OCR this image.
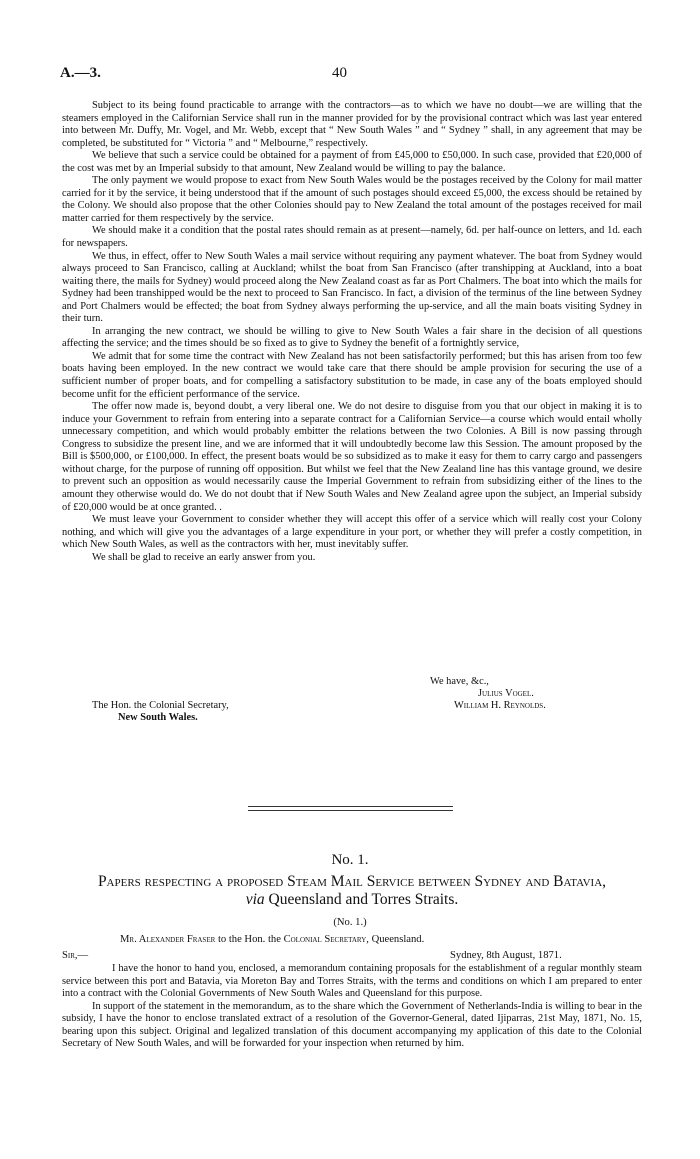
A.—3.	40

Subject to its being found practicable to arrange with the contractors—as to which we have no doubt—we are willing that the steamers employed in the Californian Service shall run in the manner provided for by the provisional contract which was last year entered into between Mr. Duffy, Mr. Vogel, and Mr. Webb, except that “ New South Wales ” and “ Sydney ” shall, in any agreement that may be completed, be substituted for “ Victoria ” and “ Melbourne,” respectively.

We believe that such a service could be obtained for a payment of from £45,000 to £50,000. In such case, provided that £20,000 of the cost was met by an Imperial subsidy to that amount, New Zealand would be willing to pay the balance.

The only payment we would propose to exact from New South Wales would be the postages received by the Colony for mail matter carried for it by the service, it being understood that if the amount of such postages should exceed £5,000, the excess should be retained by the Colony. We should also propose that the other Colonies should pay to New Zealand the total amount of the postages received for mail matter carried for them respectively by the service.

We should make it a condition that the postal rates should remain as at present—namely, 6d. per half-ounce on letters, and 1d. each for newspapers.

We thus, in effect, offer to New South Wales a mail service without requiring any payment whatever. The boat from Sydney would always proceed to San Francisco, calling at Auckland; whilst the boat from San Francisco (after transhipping at Auckland, into a boat waiting there, the mails for Sydney) would proceed along the New Zealand coast as far as Port Chalmers. The boat into which the mails for Sydney had been transhipped would be the next to proceed to San Francisco. In fact, a division of the terminus of the line between Sydney and Port Chalmers would be effected; the boat from Sydney always performing the up-service, and all the main boats visiting Sydney in their turn.

In arranging the new contract, we should be willing to give to New South Wales a fair share in the decision of all questions affecting the service; and the times should be so fixed as to give to Sydney the benefit of a fortnightly service,

We admit that for some time the contract with New Zealand has not been satisfactorily performed; but this has arisen from too few boats having been employed. In the new contract we would take care that there should be ample provision for securing the use of a sufficient number of proper boats, and for compelling a satisfactory substitution to be made, in case any of the boats employed should become unfit for the efficient performance of the service.

The offer now made is, beyond doubt, a very liberal one. We do not desire to disguise from you that our object in making it is to induce your Government to refrain from entering into a separate contract for a Californian Service—a course which would entail wholly unnecessary competition, and which would probably embitter the relations between the two Colonies. A Bill is now passing through Congress to subsidize the present line, and we are informed that it will undoubtedly become law this Session. The amount proposed by the Bill is $500,000, or £100,000. In effect, the present boats would be so subsidized as to make it easy for them to carry cargo and passengers without charge, for the purpose of running off opposition. But whilst we feel that the New Zealand line has this vantage ground, we desire to prevent such an opposition as would necessarily cause the Imperial Government to refrain from subsidizing either of the lines to the amount they otherwise would do. We do not doubt that if New South Wales and New Zealand agree upon the subject, an Imperial subsidy of £20,000 would be at once granted. .

We must leave your Government to consider whether they will accept this offer of a service which will really cost your Colony nothing, and which will give you the advantages of a large expenditure in your port, or whether they will prefer a costly competition, in which New South Wales, as well as the contractors with her, must inevitably suffer.

We shall be glad to receive an early answer from you.

We have, &c.,
Julius Vogel.
William H. Reynolds.
The Hon. the Colonial Secretary,
New South Wales.
No. 1.
Papers respecting a proposed Steam Mail Service between Sydney and Batavia,
via Queensland and Torres Straits.
(No. 1.)
Mr. Alexander Fraser to the Hon. the Colonial Secretary, Queensland.
Sir,—	Sydney, 8th August, 1871.

I have the honor to hand you, enclosed, a memorandum containing proposals for the establishment of a regular monthly steam service between this port and Batavia, via Moreton Bay and Torres Straits, with the terms and conditions on which I am prepared to enter into a contract with the Colonial Governments of New South Wales and Queensland for this purpose.

In support of the statement in the memorandum, as to the share which the Government of Netherlands-India is willing to bear in the subsidy, I have the honor to enclose translated extract of a resolution of the Governor-General, dated Ijiparras, 21st May, 1871, No. 15, bearing upon this subject. Original and legalized translation of this document accompanying my application of this date to the Colonial Secretary of New South Wales, and will be forwarded for your inspection when returned by him.
